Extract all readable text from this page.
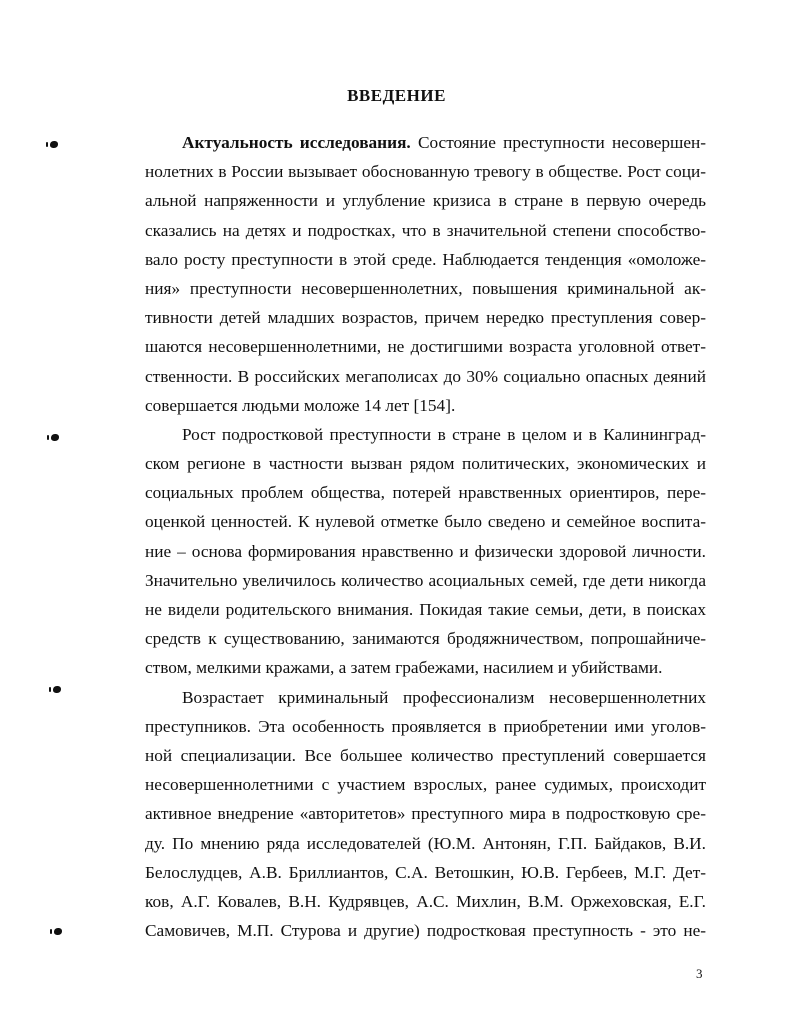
ВВЕДЕНИЕ
Актуальность исследования. Состояние преступности несовершен-
нолетних в России вызывает обоснованную тревогу в обществе. Рост соци-
альной напряженности и углубление кризиса в стране в первую очередь
сказались на детях и подростках, что в значительной степени способство-
вало росту преступности в этой среде. Наблюдается тенденция «омоложе-
ния» преступности несовершеннолетних, повышения криминальной ак-
тивности детей младших возрастов, причем нередко преступления совер-
шаются несовершеннолетними, не достигшими возраста уголовной ответ-
ственности. В российских мегаполисах до 30% социально опасных деяний
совершается людьми моложе 14 лет [154].
Рост подростковой преступности в стране в целом и в Калининград-
ском регионе в частности вызван рядом политических, экономических и
социальных проблем общества, потерей нравственных ориентиров, пере-
оценкой ценностей. К нулевой отметке было сведено и семейное воспита-
ние – основа формирования нравственно и физически здоровой личности.
Значительно увеличилось количество асоциальных семей, где дети никогда
не видели родительского внимания. Покидая такие семьи, дети, в поисках
средств к существованию, занимаются бродяжничеством, попрошайниче-
ством, мелкими кражами, а затем грабежами, насилием и убийствами.
Возрастает криминальный профессионализм несовершеннолетних
преступников. Эта особенность проявляется в приобретении ими уголов-
ной специализации. Все большее количество преступлений совершается
несовершеннолетними с участием взрослых, ранее судимых, происходит
активное внедрение «авторитетов» преступного мира в подростковую сре-
ду. По мнению ряда исследователей (Ю.М. Антонян, Г.П. Байдаков, В.И.
Белослудцев, А.В. Бриллиантов, С.А. Ветошкин, Ю.В. Гербеев, М.Г. Дет-
ков, А.Г. Ковалев, В.Н. Кудрявцев, А.С. Михлин, В.М. Оржеховская, Е.Г.
Самовичев, М.П. Стурова и другие) подростковая преступность - это не-
3
